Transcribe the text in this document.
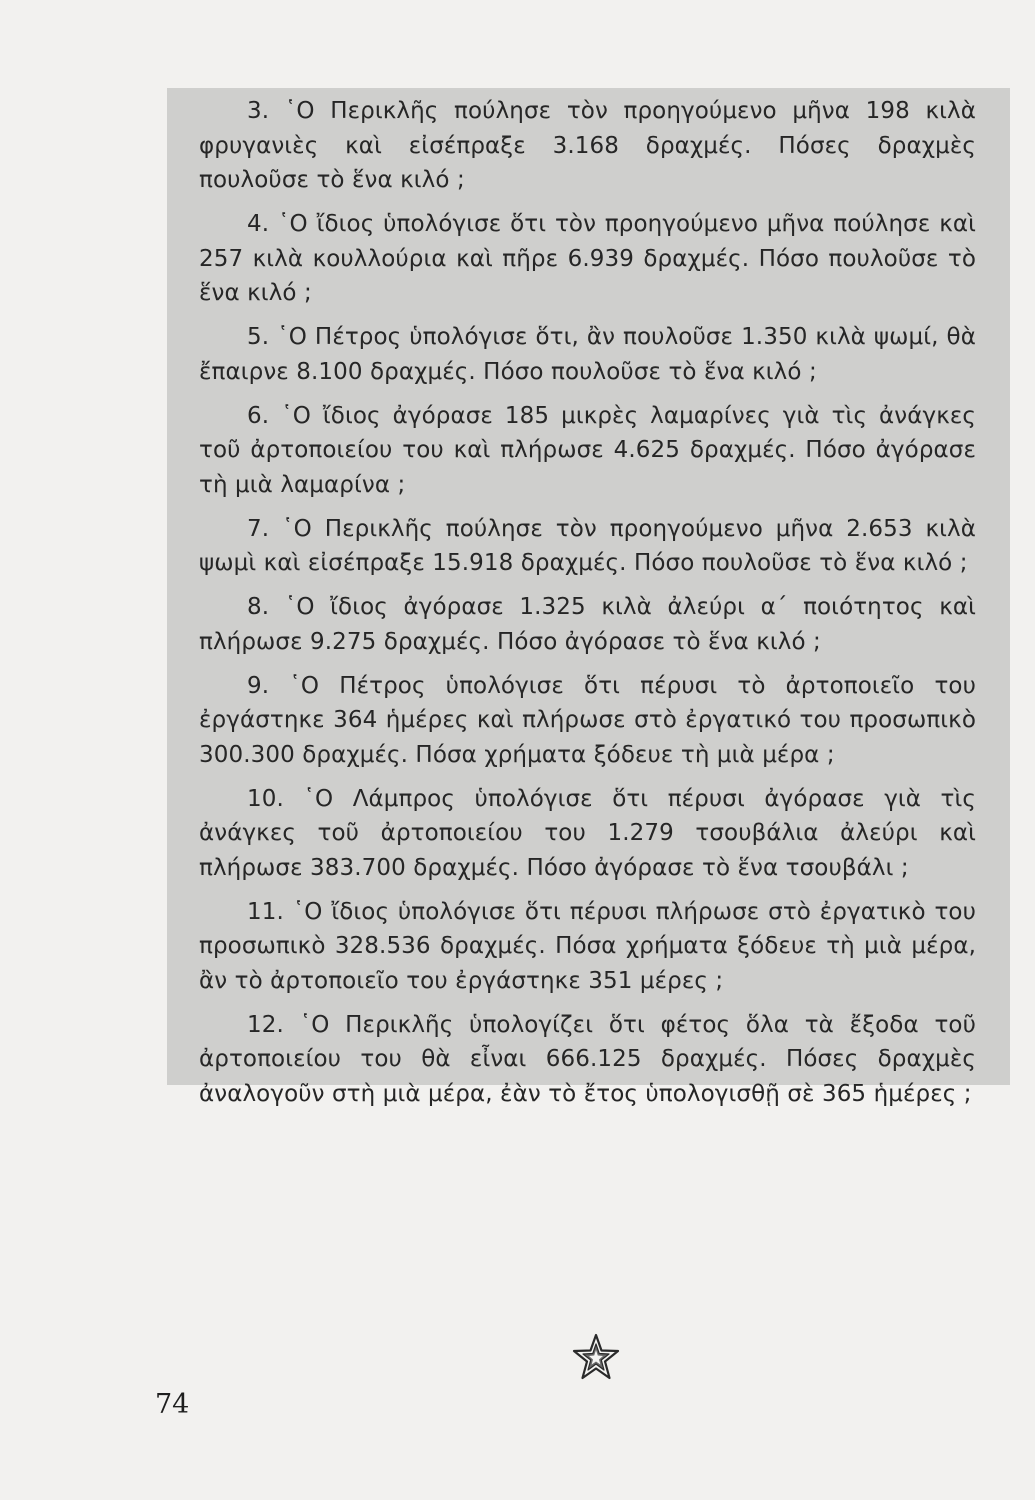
3. ῾Ο Περικλῆς πούλησε τὸν προηγούμενο μῆνα 198 κιλὰ φρυγανιὲς καὶ εἰσέπραξε 3.168 δραχμές. Πόσες δραχμὲς πουλοῦσε τὸ ἕνα κιλό ;

4. ῾Ο ἴδιος ὑπολόγισε ὅτι τὸν προηγούμενο μῆνα πούλησε καὶ 257 κιλὰ κουλλούρια καὶ πῆρε 6.939 δραχμές. Πόσο πουλοῦσε τὸ ἕνα κιλό ;

5. ῾Ο Πέτρος ὑπολόγισε ὅτι, ἂν πουλοῦσε 1.350 κιλὰ ψωμί, θὰ ἔπαιρνε 8.100 δραχμές. Πόσο πουλοῦσε τὸ ἕνα κιλό ;

6. ῾Ο ἴδιος ἀγόρασε 185 μικρὲς λαμαρίνες γιὰ τὶς ἀνάγκες τοῦ ἀρτοποιείου του καὶ πλήρωσε 4.625 δραχμές. Πόσο ἀγόρασε τὴ μιὰ λαμαρίνα ;

7. ῾Ο Περικλῆς πούλησε τὸν προηγούμενο μῆνα 2.653 κιλὰ ψωμὶ καὶ εἰσέπραξε 15.918 δραχμές. Πόσο πουλοῦσε τὸ ἕνα κιλό ;

8. ῾Ο ἴδιος ἀγόρασε 1.325 κιλὰ ἀλεύρι α΄ ποιότητος καὶ πλήρωσε 9.275 δραχμές. Πόσο ἀγόρασε τὸ ἕνα κιλό ;

9. ῾Ο Πέτρος ὑπολόγισε ὅτι πέρυσι τὸ ἀρτοποιεῖο του ἐργάστηκε 364 ἡμέρες καὶ πλήρωσε στὸ ἐργατικό του προσωπικὸ 300.300 δραχμές. Πόσα χρήματα ξόδευε τὴ μιὰ μέρα ;

10. ῾Ο Λάμπρος ὑπολόγισε ὅτι πέρυσι ἀγόρασε γιὰ τὶς ἀνάγκες τοῦ ἀρτοποιείου του 1.279 τσουβάλια ἀλεύρι καὶ πλήρωσε 383.700 δραχμές. Πόσο ἀγόρασε τὸ ἕνα τσουβάλι ;

11. ῾Ο ἴδιος ὑπολόγισε ὅτι πέρυσι πλήρωσε στὸ ἐργατικὸ του προσωπικὸ 328.536 δραχμές. Πόσα χρήματα ξόδευε τὴ μιὰ μέρα, ἂν τὸ ἀρτοποιεῖο του ἐργάστηκε 351 μέρες ;

12. ῾Ο Περικλῆς ὑπολογίζει ὅτι φέτος ὅλα τὰ ἔξοδα τοῦ ἀρτοποιείου του θὰ εἶναι 666.125 δραχμές. Πόσες δραχμὲς ἀναλογοῦν στὴ μιὰ μέρα, ἐὰν τὸ ἔτος ὑπολογισθῇ σὲ 365 ἡμέρες ;

74
